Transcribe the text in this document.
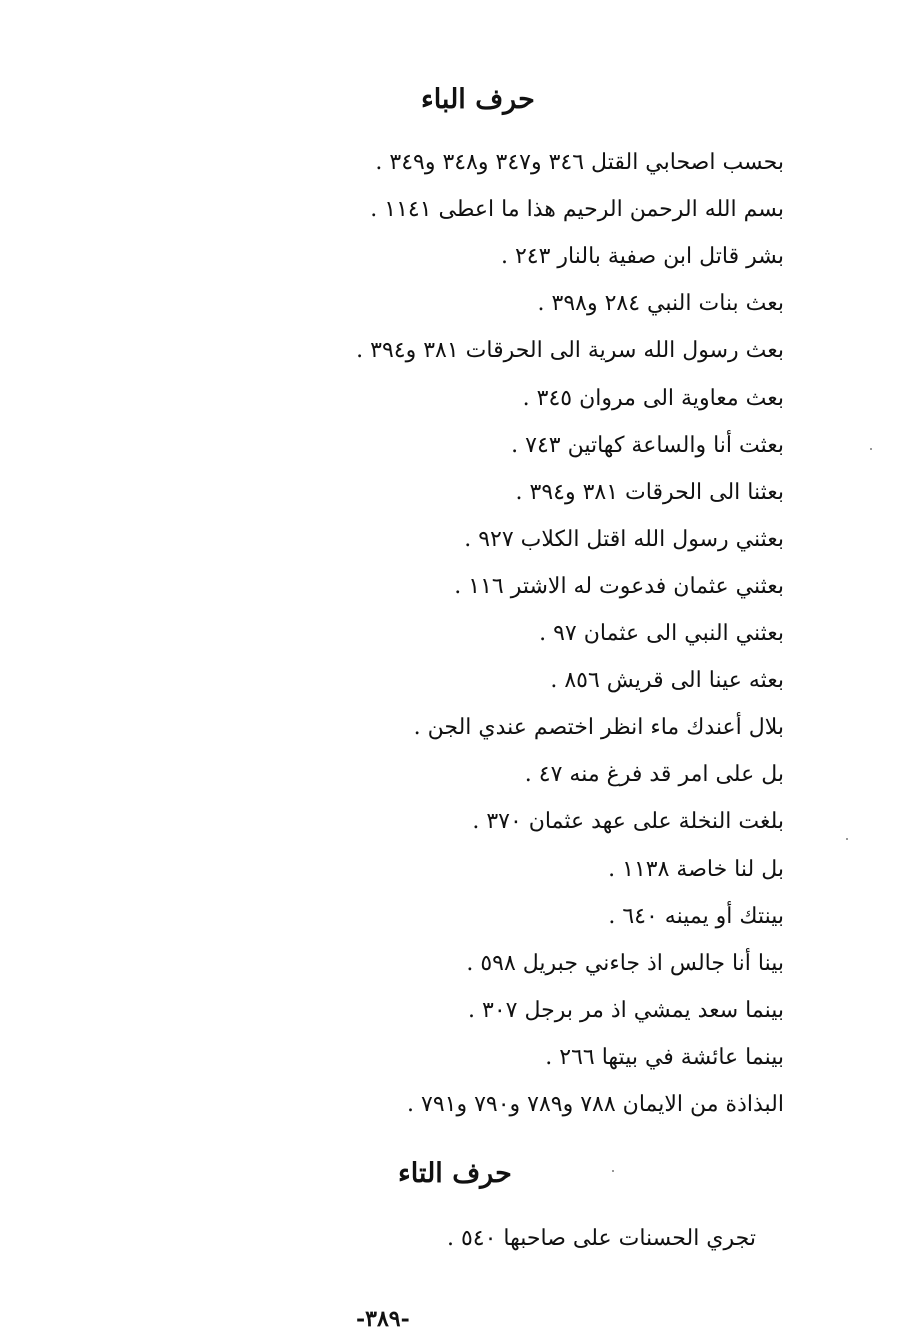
حرف الباء
بحسب اصحابي القتل ٣٤٦ و٣٤٧ و٣٤٨ و٣٤٩ .
بسم الله الرحمن الرحيم هذا ما اعطى ١١٤١ .
بشر قاتل ابن صفية بالنار ٢٤٣ .
بعث بنات النبي ٢٨٤ و٣٩٨ .
بعث رسول الله سرية الى الحرقات ٣٨١ و٣٩٤ .
بعث معاوية الى مروان ٣٤٥ .
بعثت أنا والساعة كهاتين ٧٤٣ .
بعثنا الى الحرقات ٣٨١ و٣٩٤ .
بعثني رسول الله اقتل الكلاب ٩٢٧ .
بعثني عثمان فدعوت له الاشتر ١١٦ .
بعثني النبي الى عثمان ٩٧ .
بعثه عينا الى قريش ٨٥٦ .
بلال أعندك ماء انظر اختصم عندي الجن .
بل على امر قد فرغ منه ٤٧ .
بلغت النخلة على عهد عثمان ٣٧٠ .
بل لنا خاصة ١١٣٨ .
بينتك أو يمينه ٦٤٠ .
بينا أنا جالس اذ جاءني جبريل ٥٩٨ .
بينما سعد يمشي اذ مر برجل ٣٠٧ .
بينما عائشة في بيتها ٢٦٦ .
البذاذة من الايمان ٧٨٨ و٧٨٩ و٧٩٠ و٧٩١ .
حرف التاء
تجري الحسنات على صاحبها ٥٤٠ .
-٣٨٩-
